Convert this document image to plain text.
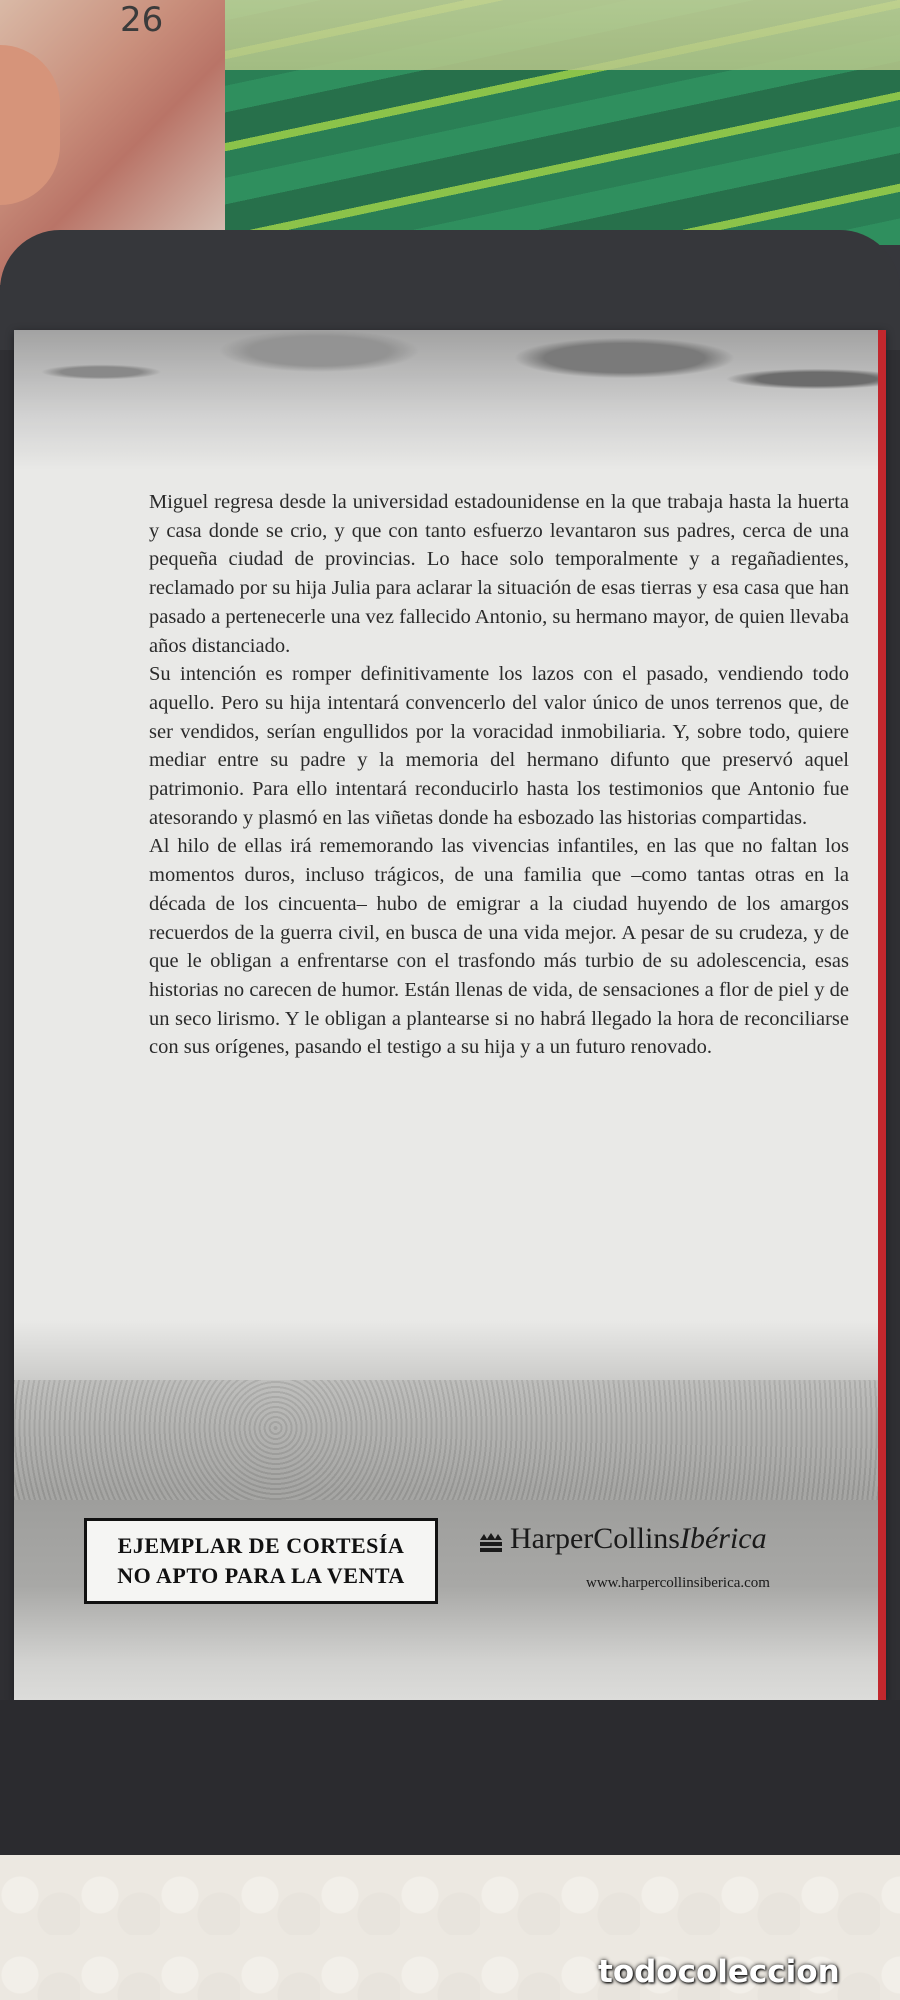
26

Miguel regresa desde la universidad estadounidense en la que trabaja hasta la huerta y casa donde se crio, y que con tanto esfuerzo levantaron sus padres, cerca de una pequeña ciudad de provincias. Lo hace solo temporalmente y a regañadientes, reclamado por su hija Julia para aclarar la situación de esas tierras y esa casa que han pasado a pertenecerle una vez fallecido Antonio, su hermano mayor, de quien llevaba años distanciado.

Su intención es romper definitivamente los lazos con el pasado, vendiendo todo aquello. Pero su hija intentará convencerlo del valor único de unos terrenos que, de ser vendidos, serían engullidos por la voracidad inmobiliaria. Y, sobre todo, quiere mediar entre su padre y la memoria del hermano difunto que preservó aquel patrimonio. Para ello intentará reconducirlo hasta los testimonios que Antonio fue atesorando y plasmó en las viñetas donde ha esbozado las historias compartidas.

Al hilo de ellas irá rememorando las vivencias infantiles, en las que no faltan los momentos duros, incluso trágicos, de una familia que –como tantas otras en la década de los cincuenta– hubo de emigrar a la ciudad huyendo de los amargos recuerdos de la guerra civil, en busca de una vida mejor. A pesar de su crudeza, y de que le obligan a enfrentarse con el trasfondo más turbio de su adolescencia, esas historias no carecen de humor. Están llenas de vida, de sensaciones a flor de piel y de un seco lirismo. Y le obligan a plantearse si no habrá llegado la hora de reconciliarse con sus orígenes, pasando el testigo a su hija y a un futuro renovado.

EJEMPLAR DE CORTESÍA
NO APTO PARA LA VENTA
HarperCollinsIbérica
www.harpercollinsiberica.com
todocoleccion
